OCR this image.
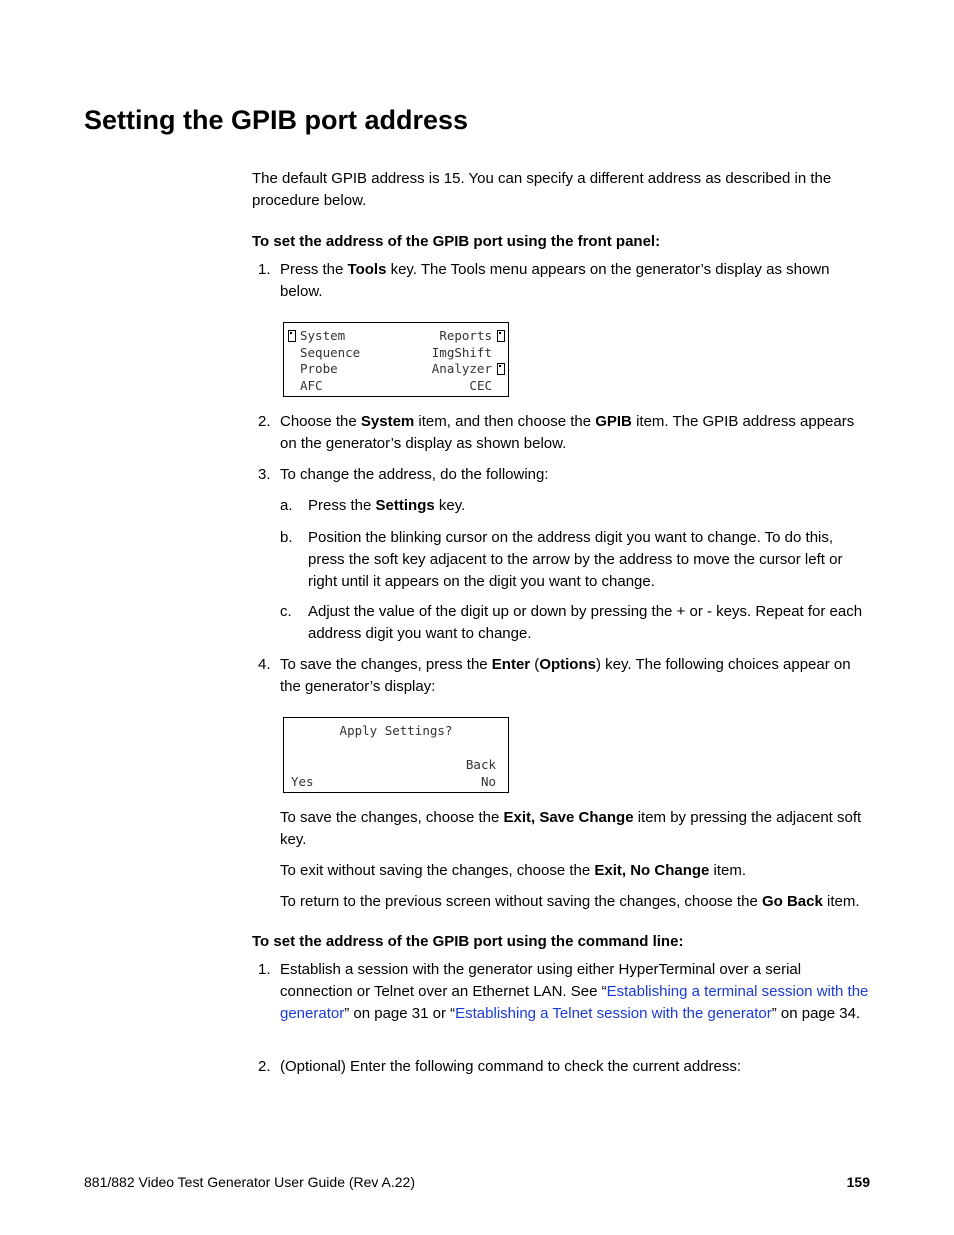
Setting the GPIB port address

The default GPIB address is 15. You can specify a different address as described in the procedure below.

To set the address of the GPIB port using the front panel:

1. Press the Tools key. The Tools menu appears on the generator’s display as shown below.
System	Reports
Sequence	ImgShift
Probe	Analyzer
AFC	CEC
2. Choose the System item, and then choose the GPIB item. The GPIB address appears on the generator’s display as shown below.
3. To change the address, do the following:
a. Press the Settings key.
b. Position the blinking cursor on the address digit you want to change. To do this, press the soft key adjacent to the arrow by the address to move the cursor left or right until it appears on the digit you want to change.
c. Adjust the value of the digit up or down by pressing the + or - keys. Repeat for each address digit you want to change.
4. To save the changes, press the Enter (Options) key. The following choices appear on the generator’s display:
Apply Settings?
Back
Yes	No

To save the changes, choose the Exit, Save Change item by pressing the adjacent soft key.

To exit without saving the changes, choose the Exit, No Change item.

To return to the previous screen without saving the changes, choose the Go Back item.

To set the address of the GPIB port using the command line:

1. Establish a session with the generator using either HyperTerminal over a serial connection or Telnet over an Ethernet LAN. See “Establishing a terminal session with the generator” on page 31 or “Establishing a Telnet session with the generator” on page 34.
2. (Optional) Enter the following command to check the current address:
881/882 Video Test Generator User Guide (Rev A.22)	159
